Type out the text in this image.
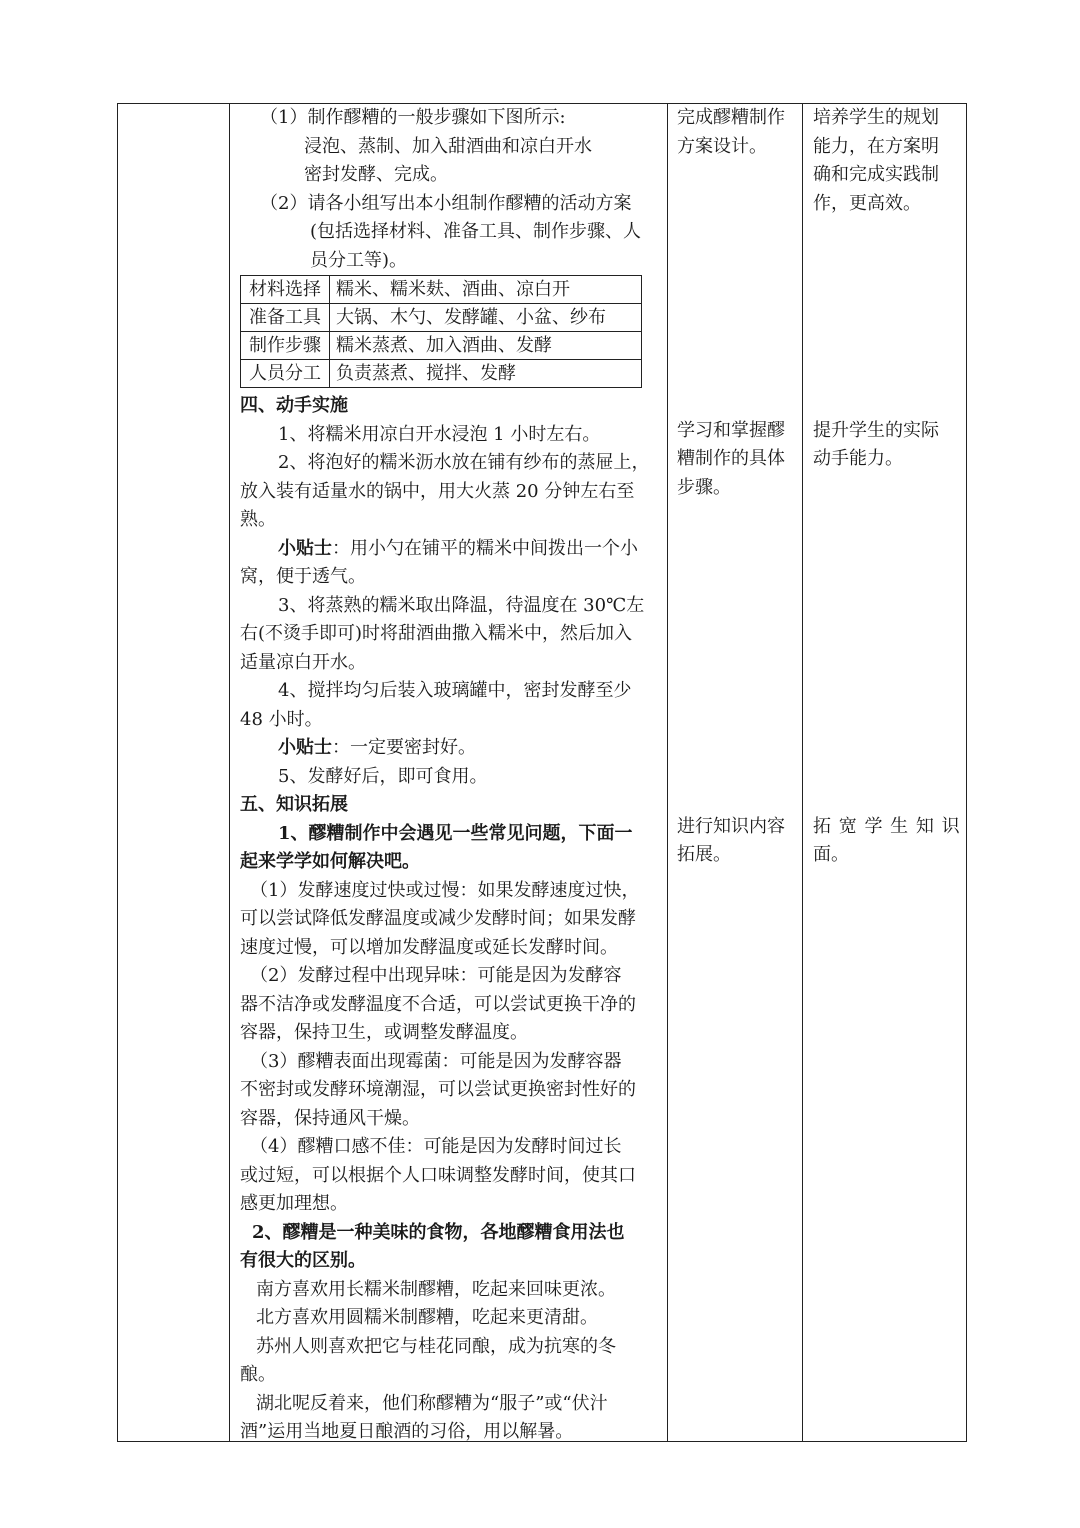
（1）制作醪糟的一般步骤如下图所示:
浸泡、蒸制、加入甜酒曲和凉白开水
密封发酵、完成。
（2）请各小组写出本小组制作醪糟的活动方案
(包括选择材料、准备工具、制作步骤、人
员分工等)。
材料选择	糯米、糯米麸、酒曲、凉白开
准备工具	大锅、木勺、发酵罐、小盆、纱布
制作步骤	糯米蒸煮、加入酒曲、发酵
人员分工	负责蒸煮、搅拌、发酵
四、动手实施
1、将糯米用凉白开水浸泡 1 小时左右。
2、将泡好的糯米沥水放在铺有纱布的蒸屉上，
放入装有适量水的锅中，用大火蒸 20 分钟左右至
熟。
小贴士：用小勺在铺平的糯米中间拨出一个小
窝，便于透气。
3、将蒸熟的糯米取出降温，待温度在 30℃左
右(不烫手即可)时将甜酒曲撒入糯米中，然后加入
适量凉白开水。
4、搅拌均匀后装入玻璃罐中，密封发酵至少
48 小时。
小贴士：一定要密封好。
5、发酵好后，即可食用。
五、知识拓展
1、醪糟制作中会遇见一些常见问题，下面一
起来学学如何解决吧。
（1）发酵速度过快或过慢：如果发酵速度过快，
可以尝试降低发酵温度或减少发酵时间；如果发酵
速度过慢，可以增加发酵温度或延长发酵时间。
（2）发酵过程中出现异味：可能是因为发酵容
器不洁净或发酵温度不合适，可以尝试更换干净的
容器，保持卫生，或调整发酵温度。
（3）醪糟表面出现霉菌：可能是因为发酵容器
不密封或发酵环境潮湿，可以尝试更换密封性好的
容器，保持通风干燥。
（4）醪糟口感不佳：可能是因为发酵时间过长
或过短，可以根据个人口味调整发酵时间，使其口
感更加理想。
2、醪糟是一种美味的食物，各地醪糟食用法也
有很大的区别。
南方喜欢用长糯米制醪糟，吃起来回味更浓。
北方喜欢用圆糯米制醪糟，吃起来更清甜。
苏州人则喜欢把它与桂花同酿，成为抗寒的冬
酿。
湖北呢反着来，他们称醪糟为“服子”或“伏汁
酒”运用当地夏日酿酒的习俗，用以解暑。

完成醪糟制作
方案设计。
学习和掌握醪
糟制作的具体
步骤。
进行知识内容
拓展。

培养学生的规划
能力，在方案明
确和完成实践制
作，更高效。
提升学生的实际
动手能力。
拓 宽 学 生 知 识
面。
